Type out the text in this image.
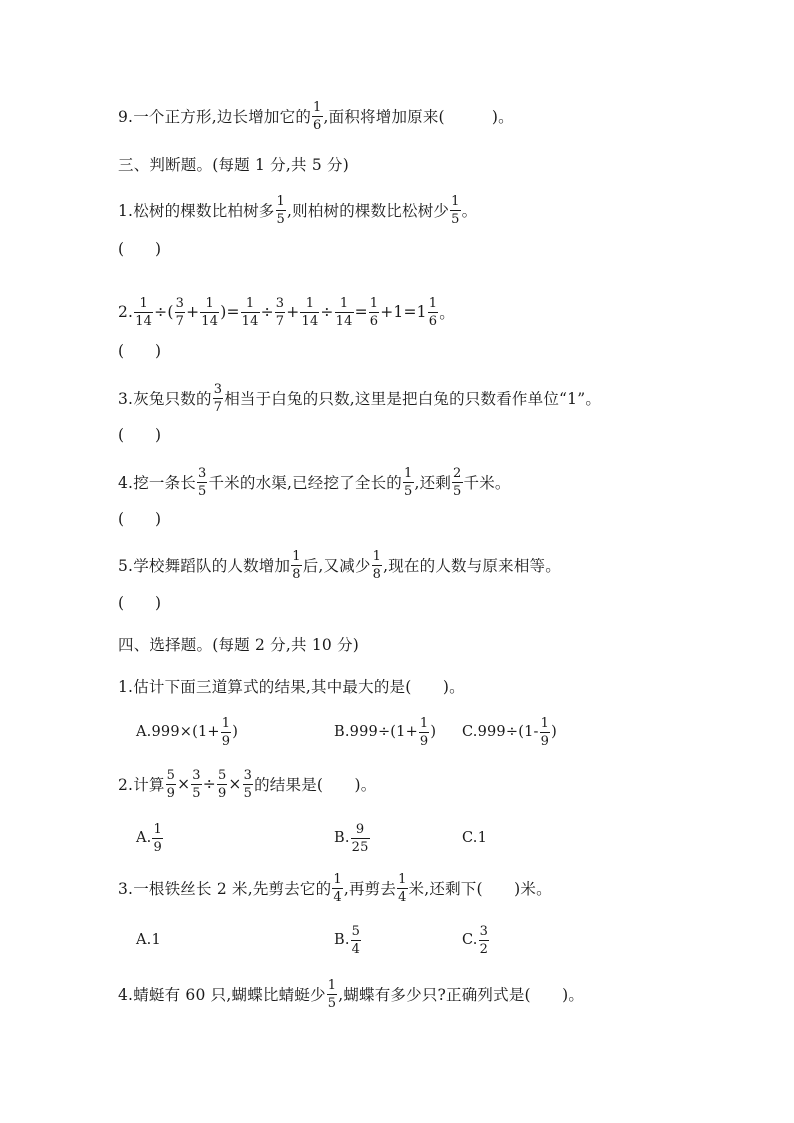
9.一个正方形,边长增加它的 $\frac{1}{6}$ ,面积将增加原来(
　　　	)。
三、判断题。(每题 1 分,共 5 分)
1.松树的棵数比柏树多 $\frac{1}{5}$ ,则柏树的棵数比松树少 $\frac{1}{5}$ 。
(　　)
2. $\frac{1}{14}$ ÷( $\frac{3}{7} + \frac{1}{14}$ )= $\frac{1}{14} \div \frac{3}{7} + \frac{1}{14} \div \frac{1}{14} = \frac{1}{6} +1=1 \frac{1}{6}$ 。
(　　)
3.灰兔只数的 $\frac{3}{7}$ 相当于白兔的只数,这里是把白兔的只数看作单位“1”。
(　　)
4.挖一条长 $\frac{3}{5}$ 千米的水渠,已经挖了全长的 $\frac{1}{5}$ ,还剩 $\frac{2}{5}$ 千米。
(　　)
5.学校舞蹈队的人数增加 $\frac{1}{8}$ 后,又减少 $\frac{1}{8}$ ,现在的人数与原来相等。
(　　)
四、选择题。(每题 2 分,共 10 分)
1.估计下面三道算式的结果,其中最大的是(　　)。
$A.999\times(1+ \frac{1}{9}$ )	$B.999\div(1+ \frac{1}{9}$ ) $C.999\div(1- \frac{1}{9}$ )
2.计算 $\frac{5}{9} \times \frac{3}{5} \div \frac{5}{9} \times \frac{3}{5}$ 的结果是(　　)。
A. $\frac{1}{9}$	B. $\frac{9}{25}$	C.1
3.一根铁丝长 2 米,先剪去它的 $\frac{1}{4}$ ,再剪去 $\frac{1}{4}$ 米,还剩下(　　)米。
A.1	B. $\frac{5}{4}$	C. $\frac{3}{2}$
4.蜻蜓有 60 只,蝴蝶比蜻蜓少 $\frac{1}{5}$ ,蝴蝶有多少只?正确列式是(　　)。
